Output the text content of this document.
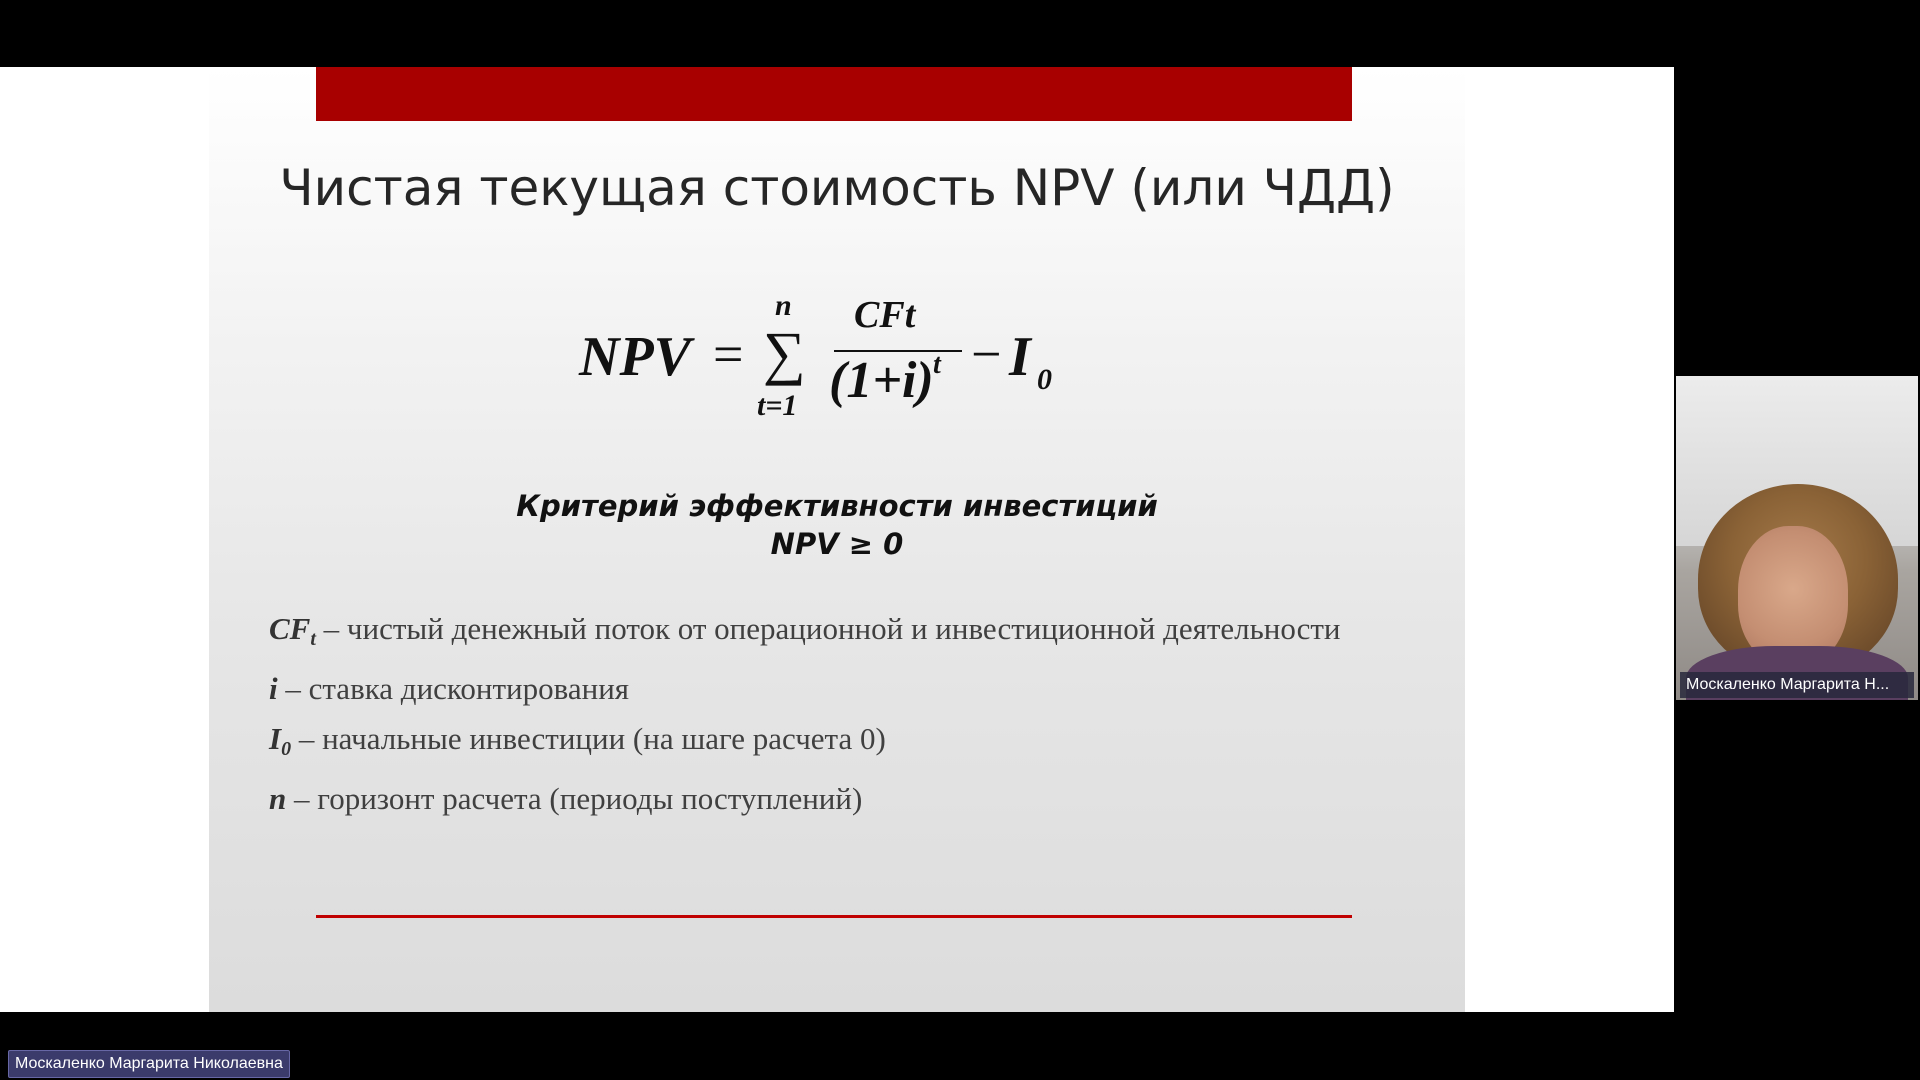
Чистая текущая стоимость NPV (или ЧДД)
NPV =
n
∑
t=1
CFt
(1+i) t − I 0
Критерий эффективности инвестиций
NPV ≥ 0
$CF_t$ – чистый денежный поток от операционной и инвестиционной деятельности
i – ставка дисконтирования
$I_0$ – начальные инвестиции (на шаге расчета 0)
n – горизонт расчета (периоды поступлений)
Москаленко Маргарита Н...
Москаленко Маргарита Николаевна
